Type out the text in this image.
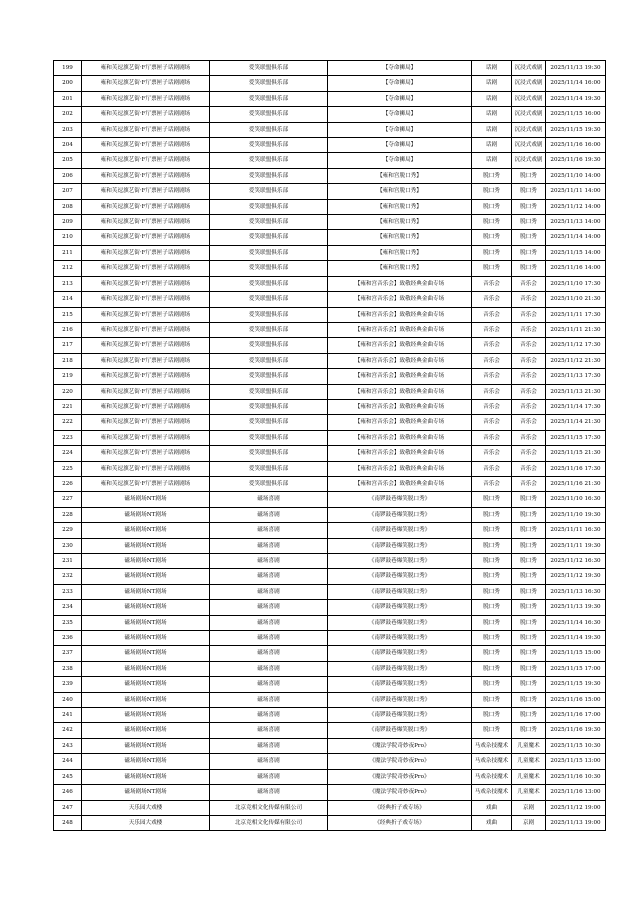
199	雍和芙逗旗艺街·F厅票匣子话剧剧场	爱笑联盟俱乐部	【夺命狮局】	话剧	沉浸式戏剧	2025/11/13 19:30
200	雍和芙逗旗艺街·F厅票匣子话剧剧场	爱笑联盟俱乐部	【夺命狮局】	话剧	沉浸式戏剧	2025/11/14 16:00
201	雍和芙逗旗艺街·F厅票匣子话剧剧场	爱笑联盟俱乐部	【夺命狮局】	话剧	沉浸式戏剧	2025/11/14 19:30
202	雍和芙逗旗艺街·F厅票匣子话剧剧场	爱笑联盟俱乐部	【夺命狮局】	话剧	沉浸式戏剧	2025/11/15 16:00
203	雍和芙逗旗艺街·F厅票匣子话剧剧场	爱笑联盟俱乐部	【夺命狮局】	话剧	沉浸式戏剧	2025/11/15 19:30
204	雍和芙逗旗艺街·F厅票匣子话剧剧场	爱笑联盟俱乐部	【夺命狮局】	话剧	沉浸式戏剧	2025/11/16 16:00
205	雍和芙逗旗艺街·F厅票匣子话剧剧场	爱笑联盟俱乐部	【夺命狮局】	话剧	沉浸式戏剧	2025/11/16 19:30
206	雍和芙逗旗艺街·F厅票匣子话剧剧场	爱笑联盟俱乐部	【雍和宫脱口秀】	脱口秀	脱口秀	2025/11/10 14:00
207	雍和芙逗旗艺街·F厅票匣子话剧剧场	爱笑联盟俱乐部	【雍和宫脱口秀】	脱口秀	脱口秀	2025/11/11 14:00
208	雍和芙逗旗艺街·F厅票匣子话剧剧场	爱笑联盟俱乐部	【雍和宫脱口秀】	脱口秀	脱口秀	2025/11/12 14:00
209	雍和芙逗旗艺街·F厅票匣子话剧剧场	爱笑联盟俱乐部	【雍和宫脱口秀】	脱口秀	脱口秀	2025/11/13 14:00
210	雍和芙逗旗艺街·F厅票匣子话剧剧场	爱笑联盟俱乐部	【雍和宫脱口秀】	脱口秀	脱口秀	2025/11/14 14:00
211	雍和芙逗旗艺街·F厅票匣子话剧剧场	爱笑联盟俱乐部	【雍和宫脱口秀】	脱口秀	脱口秀	2025/11/15 14:00
212	雍和芙逗旗艺街·F厅票匣子话剧剧场	爱笑联盟俱乐部	【雍和宫脱口秀】	脱口秀	脱口秀	2025/11/16 14:00
213	雍和芙逗旗艺街·F厅票匣子话剧剧场	爱笑联盟俱乐部	【雍和宫音乐会】致敬经典金曲专场	音乐会	音乐会	2025/11/10 17:30
214	雍和芙逗旗艺街·F厅票匣子话剧剧场	爱笑联盟俱乐部	【雍和宫音乐会】致敬经典金曲专场	音乐会	音乐会	2025/11/10 21:30
215	雍和芙逗旗艺街·F厅票匣子话剧剧场	爱笑联盟俱乐部	【雍和宫音乐会】致敬经典金曲专场	音乐会	音乐会	2025/11/11 17:30
216	雍和芙逗旗艺街·F厅票匣子话剧剧场	爱笑联盟俱乐部	【雍和宫音乐会】致敬经典金曲专场	音乐会	音乐会	2025/11/11 21:30
217	雍和芙逗旗艺街·F厅票匣子话剧剧场	爱笑联盟俱乐部	【雍和宫音乐会】致敬经典金曲专场	音乐会	音乐会	2025/11/12 17:30
218	雍和芙逗旗艺街·F厅票匣子话剧剧场	爱笑联盟俱乐部	【雍和宫音乐会】致敬经典金曲专场	音乐会	音乐会	2025/11/12 21:30
219	雍和芙逗旗艺街·F厅票匣子话剧剧场	爱笑联盟俱乐部	【雍和宫音乐会】致敬经典金曲专场	音乐会	音乐会	2025/11/13 17:30
220	雍和芙逗旗艺街·F厅票匣子话剧剧场	爱笑联盟俱乐部	【雍和宫音乐会】致敬经典金曲专场	音乐会	音乐会	2025/11/13 21:30
221	雍和芙逗旗艺街·F厅票匣子话剧剧场	爱笑联盟俱乐部	【雍和宫音乐会】致敬经典金曲专场	音乐会	音乐会	2025/11/14 17:30
222	雍和芙逗旗艺街·F厅票匣子话剧剧场	爱笑联盟俱乐部	【雍和宫音乐会】致敬经典金曲专场	音乐会	音乐会	2025/11/14 21:30
223	雍和芙逗旗艺街·F厅票匣子话剧剧场	爱笑联盟俱乐部	【雍和宫音乐会】致敬经典金曲专场	音乐会	音乐会	2025/11/15 17:30
224	雍和芙逗旗艺街·F厅票匣子话剧剧场	爱笑联盟俱乐部	【雍和宫音乐会】致敬经典金曲专场	音乐会	音乐会	2025/11/15 21:30
225	雍和芙逗旗艺街·F厅票匣子话剧剧场	爱笑联盟俱乐部	【雍和宫音乐会】致敬经典金曲专场	音乐会	音乐会	2025/11/16 17:30
226	雍和芙逗旗艺街·F厅票匣子话剧剧场	爱笑联盟俱乐部	【雍和宫音乐会】致敬经典金曲专场	音乐会	音乐会	2025/11/16 21:30
227	磁场剧场NT剧场	磁场喜剧	《南锣鼓巷爆笑脱口秀》	脱口秀	脱口秀	2025/11/10 16:30
228	磁场剧场NT剧场	磁场喜剧	《南锣鼓巷爆笑脱口秀》	脱口秀	脱口秀	2025/11/10 19:30
229	磁场剧场NT剧场	磁场喜剧	《南锣鼓巷爆笑脱口秀》	脱口秀	脱口秀	2025/11/11 16:30
230	磁场剧场NT剧场	磁场喜剧	《南锣鼓巷爆笑脱口秀》	脱口秀	脱口秀	2025/11/11 19:30
231	磁场剧场NT剧场	磁场喜剧	《南锣鼓巷爆笑脱口秀》	脱口秀	脱口秀	2025/11/12 16:30
232	磁场剧场NT剧场	磁场喜剧	《南锣鼓巷爆笑脱口秀》	脱口秀	脱口秀	2025/11/12 19:30
233	磁场剧场NT剧场	磁场喜剧	《南锣鼓巷爆笑脱口秀》	脱口秀	脱口秀	2025/11/13 16:30
234	磁场剧场NT剧场	磁场喜剧	《南锣鼓巷爆笑脱口秀》	脱口秀	脱口秀	2025/11/13 19:30
235	磁场剧场NT剧场	磁场喜剧	《南锣鼓巷爆笑脱口秀》	脱口秀	脱口秀	2025/11/14 16:30
236	磁场剧场NT剧场	磁场喜剧	《南锣鼓巷爆笑脱口秀》	脱口秀	脱口秀	2025/11/14 19:30
237	磁场剧场NT剧场	磁场喜剧	《南锣鼓巷爆笑脱口秀》	脱口秀	脱口秀	2025/11/15 15:00
238	磁场剧场NT剧场	磁场喜剧	《南锣鼓巷爆笑脱口秀》	脱口秀	脱口秀	2025/11/15 17:00
239	磁场剧场NT剧场	磁场喜剧	《南锣鼓巷爆笑脱口秀》	脱口秀	脱口秀	2025/11/15 19:30
240	磁场剧场NT剧场	磁场喜剧	《南锣鼓巷爆笑脱口秀》	脱口秀	脱口秀	2025/11/16 15:00
241	磁场剧场NT剧场	磁场喜剧	《南锣鼓巷爆笑脱口秀》	脱口秀	脱口秀	2025/11/16 17:00
242	磁场剧场NT剧场	磁场喜剧	《南锣鼓巷爆笑脱口秀》	脱口秀	脱口秀	2025/11/16 19:30
243	磁场剧场NT剧场	磁场喜剧	《魔法学院奇妙夜Pro》	马戏杂技魔术	儿童魔术	2025/11/15 10:30
244	磁场剧场NT剧场	磁场喜剧	《魔法学院奇妙夜Pro》	马戏杂技魔术	儿童魔术	2025/11/15 13:00
245	磁场剧场NT剧场	磁场喜剧	《魔法学院奇妙夜Pro》	马戏杂技魔术	儿童魔术	2025/11/16 10:30
246	磁场剧场NT剧场	磁场喜剧	《魔法学院奇妙夜Pro》	马戏杂技魔术	儿童魔术	2025/11/16 13:00
247	天乐园大戏楼	北京竞相文化传媒有限公司	《经典折子戏专场》	戏曲	京剧	2025/11/12 19:00
248	天乐园大戏楼	北京竞相文化传媒有限公司	《经典折子戏专场》	戏曲	京剧	2025/11/13 19:00
